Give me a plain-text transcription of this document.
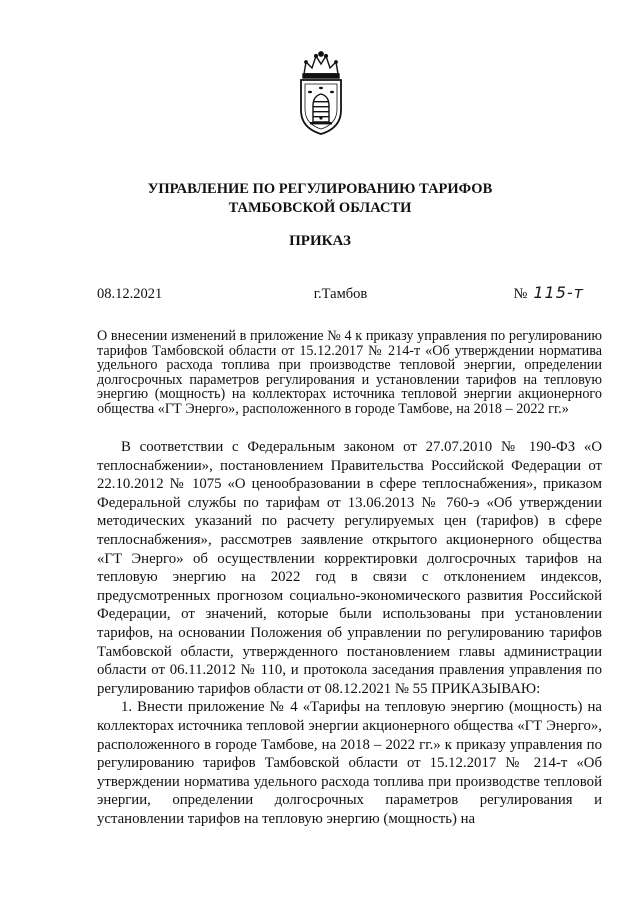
УПРАВЛЕНИЕ ПО РЕГУЛИРОВАНИЮ ТАРИФОВ
ТАМБОВСКОЙ ОБЛАСТИ
ПРИКАЗ
08.12.2021	г.Тамбов	№ 115-т
О внесении изменений в приложение № 4 к приказу управления по регулированию тарифов Тамбовской области от 15.12.2017 № 214-т «Об утверждении норматива удельного расхода топлива при производстве тепловой энергии, определении долгосрочных параметров регулирования и установлении тарифов на тепловую энергию (мощность) на коллекторах источника тепловой энергии акционерного общества «ГТ Энерго», расположенного в городе Тамбове, на 2018 – 2022 гг.»

В соответствии с Федеральным законом от 27.07.2010 № 190-ФЗ «О теплоснабжении», постановлением Правительства Российской Федерации от 22.10.2012 № 1075 «О ценообразовании в сфере теплоснабжения», приказом Федеральной службы по тарифам от 13.06.2013 № 760-э «Об утверждении методических указаний по расчету регулируемых цен (тарифов) в сфере теплоснабжения», рассмотрев заявление открытого акционерного общества «ГТ Энерго» об осуществлении корректировки долгосрочных тарифов на тепловую энергию на 2022 год в связи с отклонением индексов, предусмотренных прогнозом социально-экономического развития Российской Федерации, от значений, которые были использованы при установлении тарифов, на основании Положения об управлении по регулированию тарифов Тамбовской области, утвержденного постановлением главы администрации области от 06.11.2012 № 110, и протокола заседания правления управления по регулированию тарифов области от 08.12.2021 № 55 ПРИКАЗЫВАЮ:

1. Внести приложение № 4 «Тарифы на тепловую энергию (мощность) на коллекторах источника тепловой энергии акционерного общества «ГТ Энерго», расположенного в городе Тамбове, на 2018 – 2022 гг.» к приказу управления по регулированию тарифов Тамбовской области от 15.12.2017 № 214-т «Об утверждении норматива удельного расхода топлива при производстве тепловой энергии, определении долгосрочных параметров регулирования и установлении тарифов на тепловую энергию (мощность) на
